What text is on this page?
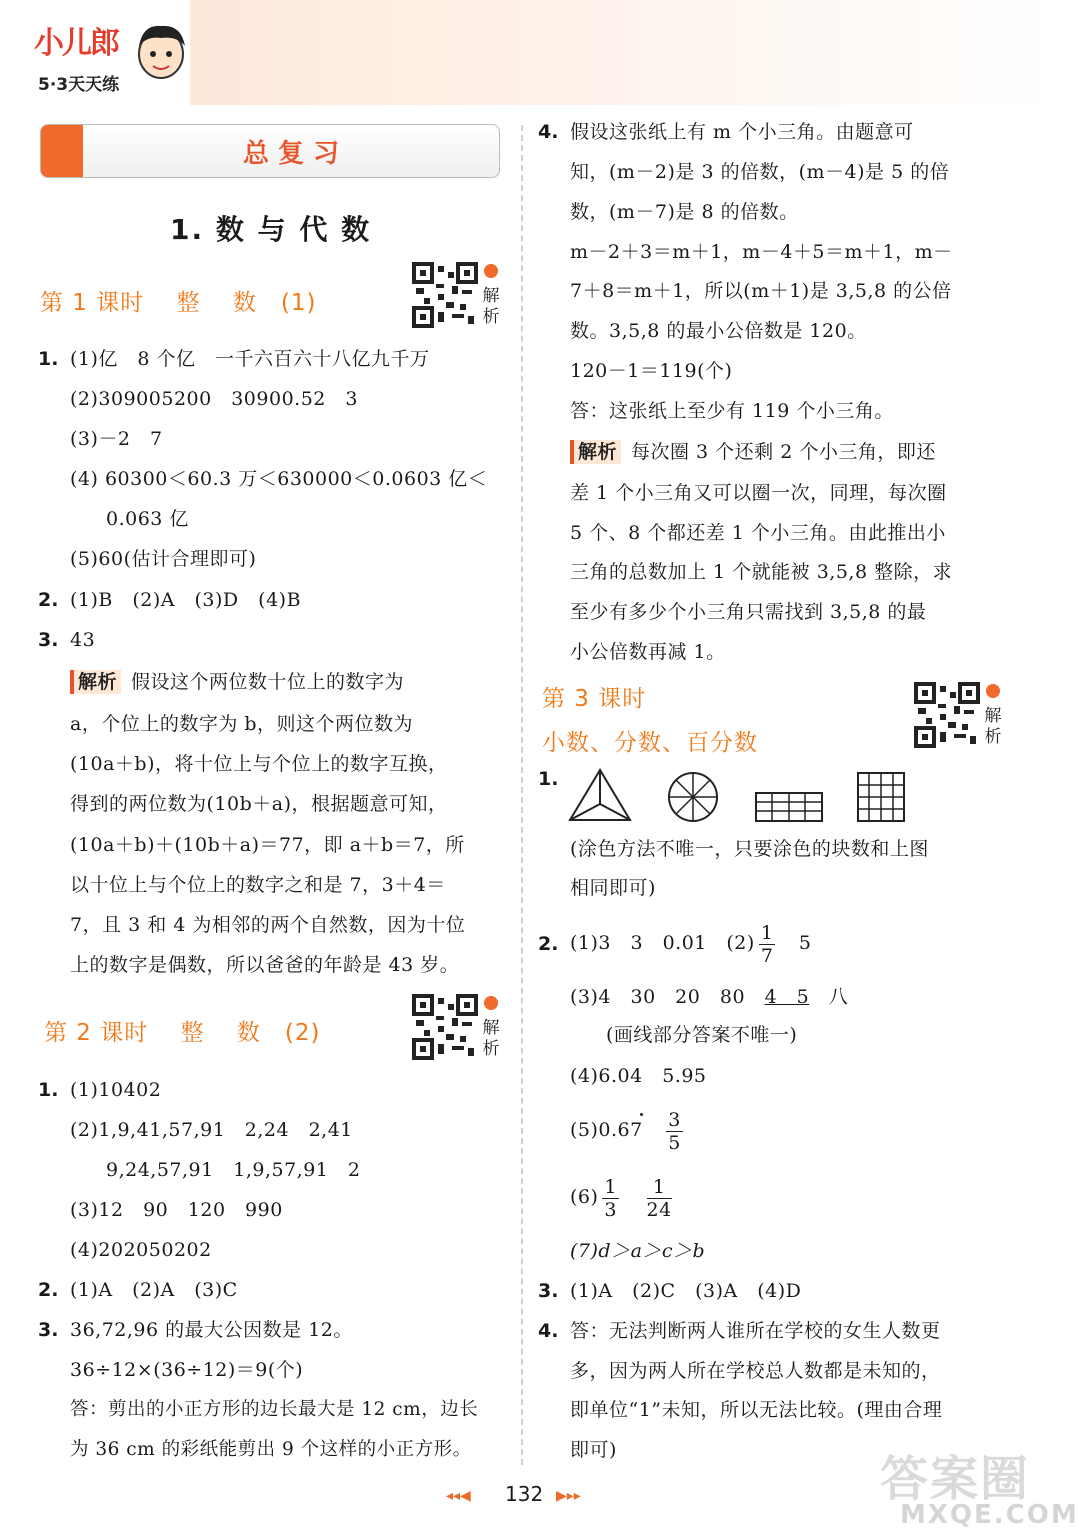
小儿郎
5·3天天练
总 复 习
1. 数 与 代 数
解
析
第 1 课时　 整　 数　(1)
1. (1)亿　8 个亿　一千六百六十八亿九千万
(2)309005200　30900.52　3
(3)－2　7
(4) 60300＜60.3 万＜630000＜0.0603 亿＜
0.063 亿
(5)60(估计合理即可)
2. (1)B　(2)A　(3)D　(4)B
3. 43
解析 假设这个两位数十位上的数字为
a，个位上的数字为 b，则这个两位数为
(10a＋b)，将十位上与个位上的数字互换，
得到的两位数为(10b＋a)，根据题意可知，
(10a＋b)＋(10b＋a)＝77，即 a＋b＝7，所
以十位上与个位上的数字之和是 7，3＋4＝
7，且 3 和 4 为相邻的两个自然数，因为十位
上的数字是偶数，所以爸爸的年龄是 43 岁。
解
析
第 2 课时　 整　 数　(2)
1. (1)10402
(2)1,9,41,57,91　2,24　2,41
9,24,57,91　1,9,57,91　2
(3)12　90　120　990
(4)202050202
2. (1)A　(2)A　(3)C
3. 36,72,96 的最大公因数是 12。
36÷12×(36÷12)＝9(个)
答：剪出的小正方形的边长最大是 12 cm，边长
为 36 cm 的彩纸能剪出 9 个这样的小正方形。
4. 假设这张纸上有 m 个小三角。由题意可
知，(m－2)是 3 的倍数，(m－4)是 5 的倍
数，(m－7)是 8 的倍数。
m－2＋3＝m＋1，m－4＋5＝m＋1，m－
7＋8＝m＋1，所以(m＋1)是 3,5,8 的公倍
数。3,5,8 的最小公倍数是 120。
120－1＝119(个)
答：这张纸上至少有 119 个小三角。
解析 每次圈 3 个还剩 2 个小三角，即还
差 1 个小三角又可以圈一次，同理，每次圈
5 个、8 个都还差 1 个小三角。由此推出小
三角的总数加上 1 个就能被 3,5,8 整除，求
至少有多少个小三角只需找到 3,5,8 的最
小公倍数再减 1。
第 3 课时
小数、分数、百分数
解
析
1.
(涂色方法不唯一，只要涂色的块数和上图
相同即可)
2. (1)3　3　0.01　$(2) \frac{1}{7}$
　 5
(3)4　30　20　80　 4　5　 八
(画线部分答案不唯一)
(4)6.04　5.95
(5)0.67　 $\frac{3}{5}$
$(6) \frac{1}{3}$
　 $\frac{1}{24}$
(7)d＞a＞c＞b
3. (1)A　(2)C　(3)A　(4)D
4. 答：无法判断两人谁所在学校的女生人数更
多，因为两人所在学校总人数都是未知的，
即单位“1”未知，所以无法比较。(理由合理
即可)
◂◂◀ 132 ▶▸▸	答案圈
MXQE.COM
